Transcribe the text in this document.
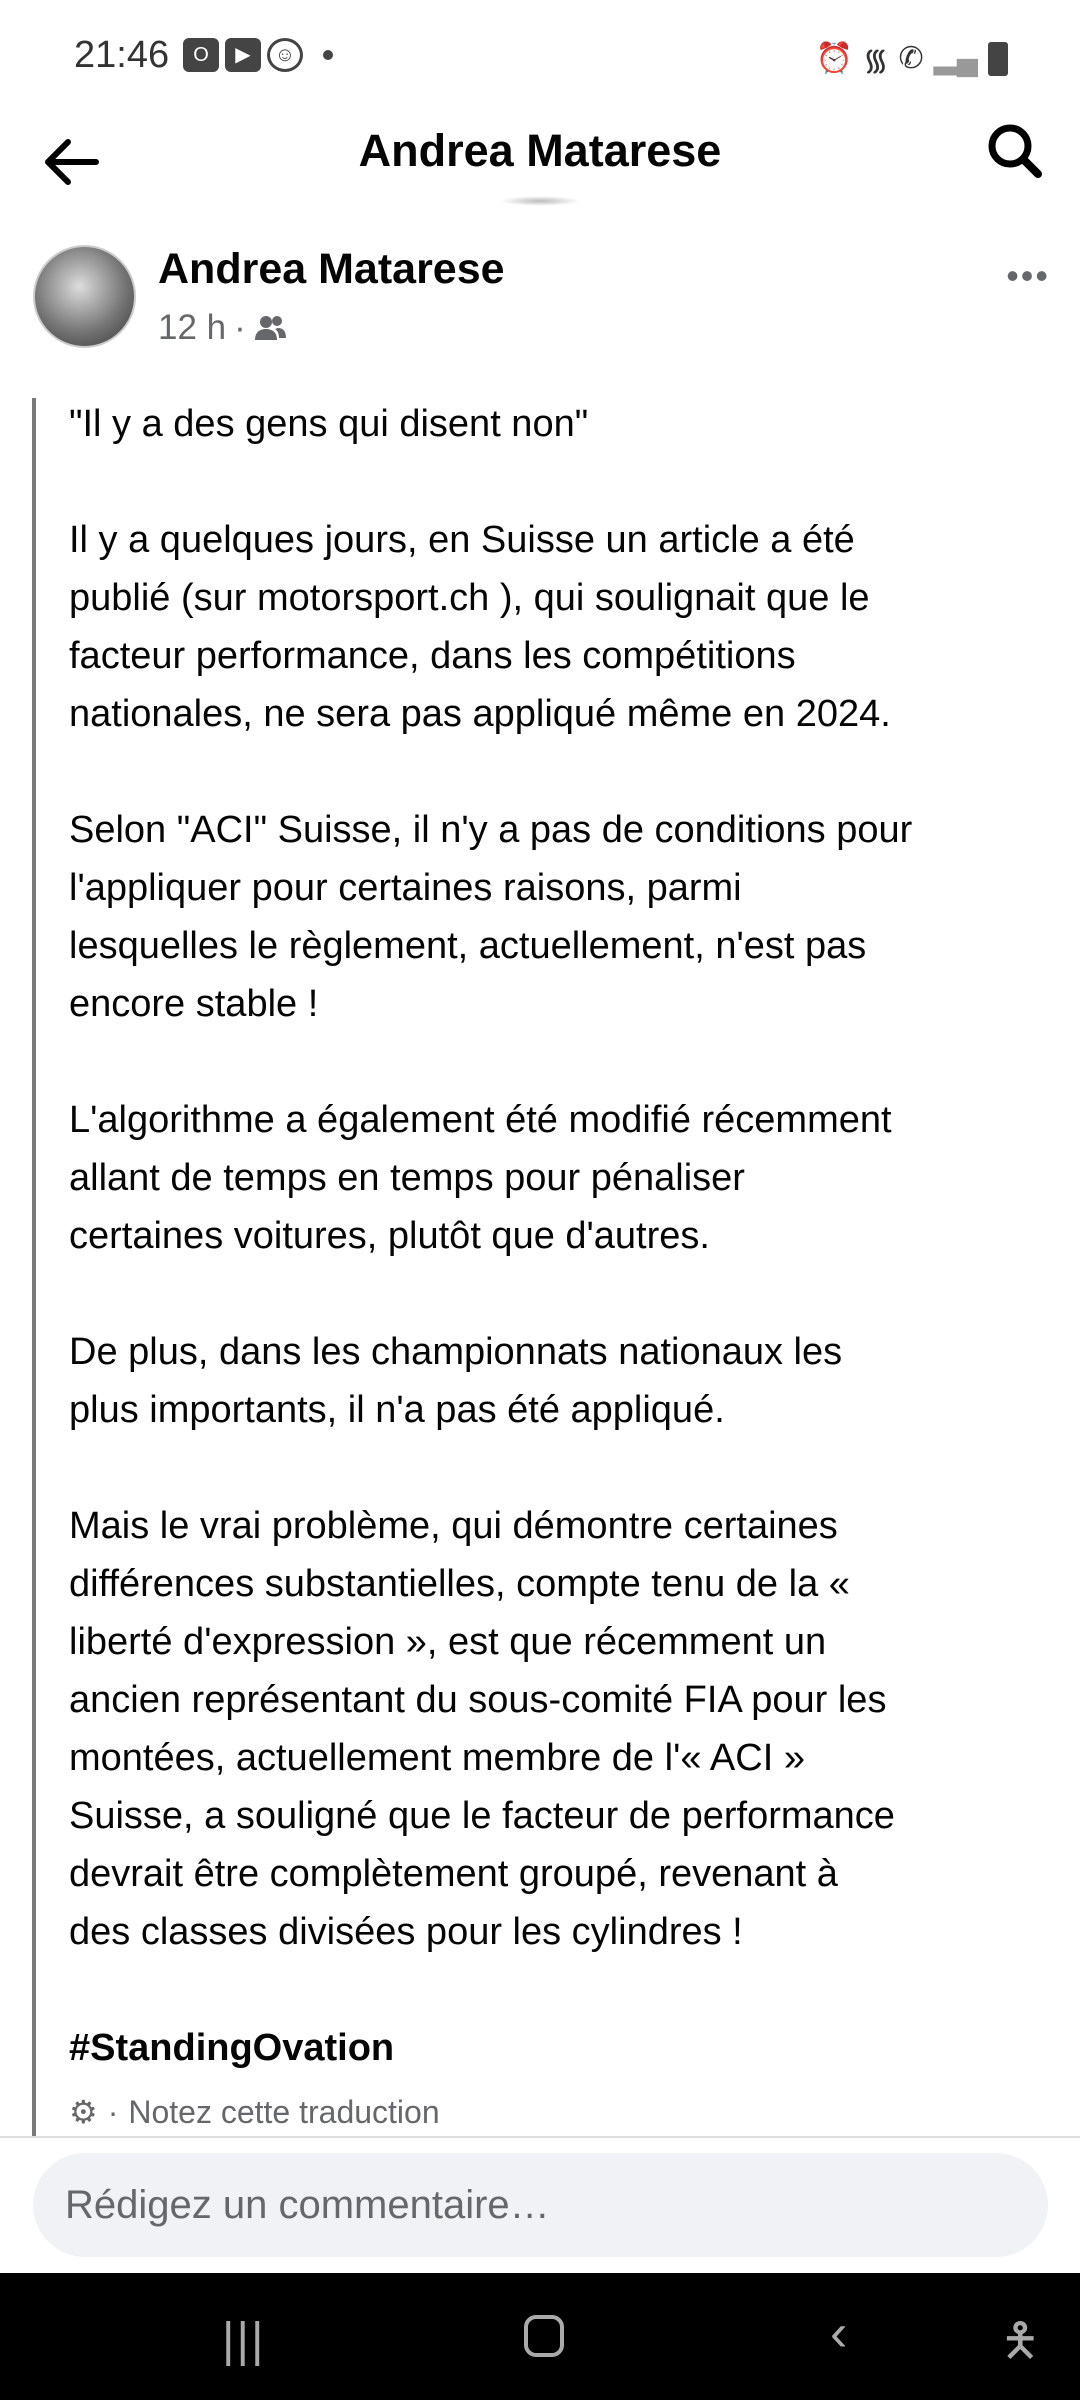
21:46	O	▶	☺	⏰ ᯾ ✆ ▂▄
Andrea Matarese
Andrea Matarese
12 h ·
•••
"Il y a des gens qui disent non"
Il y a quelques jours, en Suisse un article a été
publié (sur motorsport.ch ), qui soulignait que le
facteur performance, dans les compétitions
nationales, ne sera pas appliqué même en 2024.
Selon "ACI" Suisse, il n'y a pas de conditions pour
l'appliquer pour certaines raisons, parmi
lesquelles le règlement, actuellement, n'est pas
encore stable !
L'algorithme a également été modifié récemment
allant de temps en temps pour pénaliser
certaines voitures, plutôt que d'autres.
De plus, dans les championnats nationaux les
plus importants, il n'a pas été appliqué.
Mais le vrai problème, qui démontre certaines
différences substantielles, compte tenu de la «
liberté d'expression », est que récemment un
ancien représentant du sous-comité FIA pour les
montées, actuellement membre de l'« ACI »
Suisse, a souligné que le facteur de performance
devrait être complètement groupé, revenant à
des classes divisées pour les cylindres !
#StandingOvation
⚙ · Notez cette traduction
Rédigez un commentaire…
|||	‹	🯅
